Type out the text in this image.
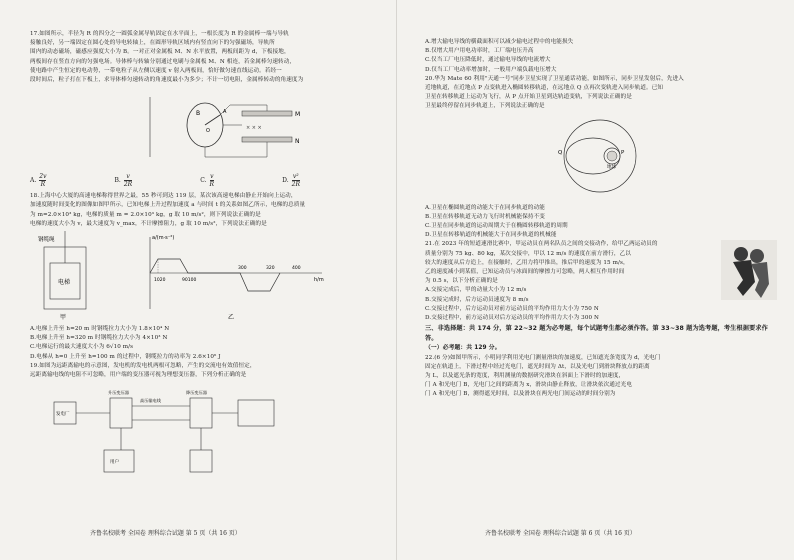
17.如图所示，半径为 R 的四分之一圆弧金属导轨固定在水平面上，一根长度为 R 的金属棒一端与导轨

接触良好，另一端固定在圆心处的导电转轴上，在圆形导轨区域内有竖直向下的匀强磁场，导轨所

围内的动态磁场，磁感应强度大小为 B。一对正对金属板 M、N 水平放置，两板间距为 d，下板接地，

两板间存在竖直方向的匀强电场。导体棒与转轴分别通过电刷与金属板 M、N 相连，若金属棒匀速转动，

使电路中产生恒定的电动势，一带电粒子从左侧以速度 v 射入两板间，恰好做匀速直线运动。若经一

段时间后，粒子打在下板上，求导体棒匀速转动的角速度最小为多少；不计一切电阻，金属棒转动的角速度为

M
N
B
O
A
× × ×
A. $\frac{2v}{R}$	B. $\frac{v}{2R}$	C. $\frac{v}{R}$	D. $\frac{\text{v²}}{2R}$

18.上海中心大厦的高速电梯称得世界之最，55 秒可到达 119 层，某次该高速电梯由静止开始向上运动，

加速度随时间变化的图像如图甲所示，已知电梯上升过程加速度 a 与时间 t 的关系如图乙所示，电梯的总质量

为 m=2.0×10³ kg，电梯的质量 m = 2.0×10³ kg，g 取 10 m/s²，则下列说法正确的是

电梯的速度大小为 v，最大速度为 v_max，不计摩擦阻力，g 取 10 m/s²，下列说法正确的是

钢缆绳
电梯
甲
a/(m·s⁻²)
h/m
1020	90100
300	320	400
乙

A.电梯上升至 h=20 m 时钢缆拉力大小为 1.8×10⁴ N

B.电梯上升至 h=320 m 时钢缆拉力大小为 4×10³ N

C.电梯运行的最大速度大小为 6√10 m/s

D.电梯从 h=0 上升至 h=100 m 的过程中，钢缆拉力的功率为 2.6×10⁶ J

19.如图为远距离输电的示意图，发电机的发电机两根可忽略，产生的交流电有效值恒定，

远距离输电线的电阻不可忽略，用户端的变压器可视为理想变压器，下列分析正确的是

发电厂
升压变压器
高压输电线
降压变压器
用户
齐鲁名校联考 全国卷 理科综合试题 第 5 页（共 16 页）

A.增大输电导线的横截面积可以减少输电过程中的电能损失

B.仅增大用户用电功率时，工厂端电压升高

C.仅当工厂电压降低时，通过输电导线的电流增大

D.仅当工厂电动率增加时，一般用户端负载电压增大

20.华为 Mate 60 利用"天通一号"同步卫星实现了卫星通话功能，如图所示，同步卫星发射后，先进入

近地轨道，在近地点 P 点变轨进入椭圆转移轨道，在远地点 Q 点再次变轨进入同步轨道。已知

卫星在转移轨道上运动为飞行，从 P 点开始卫星到达轨道变轨，下列说法正确的是

卫星最终停留在同步轨道上，下列说法正确的是

P
Q
地球

A.卫星在椭圆轨道的动能大于在同步轨道的动能

B.卫星在转移轨道无动力飞行时机械能保持不变

C.卫星在同步轨道的运动周期大于在椭圆转移轨道的周期

D.卫星在转移轨道的机械能大于在同步轨道的机械能

21.在 2023 年的短道速滑比赛中，甲运动员在两名队员之间的交接动作，给甲乙两运动员的

质量分别为 75 kg、80 kg，某次交接中，甲以 12 m/s 的速度在前方滑行，乙以

较大的速度从后方追上，在接触时，乙用力将甲推出，推后甲的速度为 15 m/s，

乙的速度减小到某值，已知运动员与冰面间的摩擦力可忽略，两人相互作用时间

为 0.5 s，以下分析正确的是

A.交接完成后，甲的动量大小为 12 m/s

B.交接完成时，后方运动员速度为 8 m/s

C.交接过程中，后方运动员对前方运动员的平均作用力大小为 750 N

D.交接过程中，前方运动员对后方运动员的平均作用力大小为 300 N

三、非选择题：共 174 分，第 22~32 题为必考题，每个试题考生都必须作答。第 33~38 题为选考题，考生根据要求作答。

（一）必考题：共 129 分。

22.(6 分)如图甲所示，小明同学利用光电门测量滑块的加速度，已知遮光条宽度为 d，光电门

固定在轨道上，下滑过程中经过光电门，遮光时间为 Δt，以及光电门到滑块释放点的距离

为 L，以及遮光条的宽度，利用测量的数据研究滑块在斜面上下滑时的加速度，

门 A 和光电门 B，光电门之间的距离为 x，滑块由静止释放，让滑块依次通过光电

门 A 和光电门 B，测得遮光时间，以及滑块在两光电门间运动的时间分别为

齐鲁名校联考 全国卷 理科综合试题 第 6 页（共 16 页）
